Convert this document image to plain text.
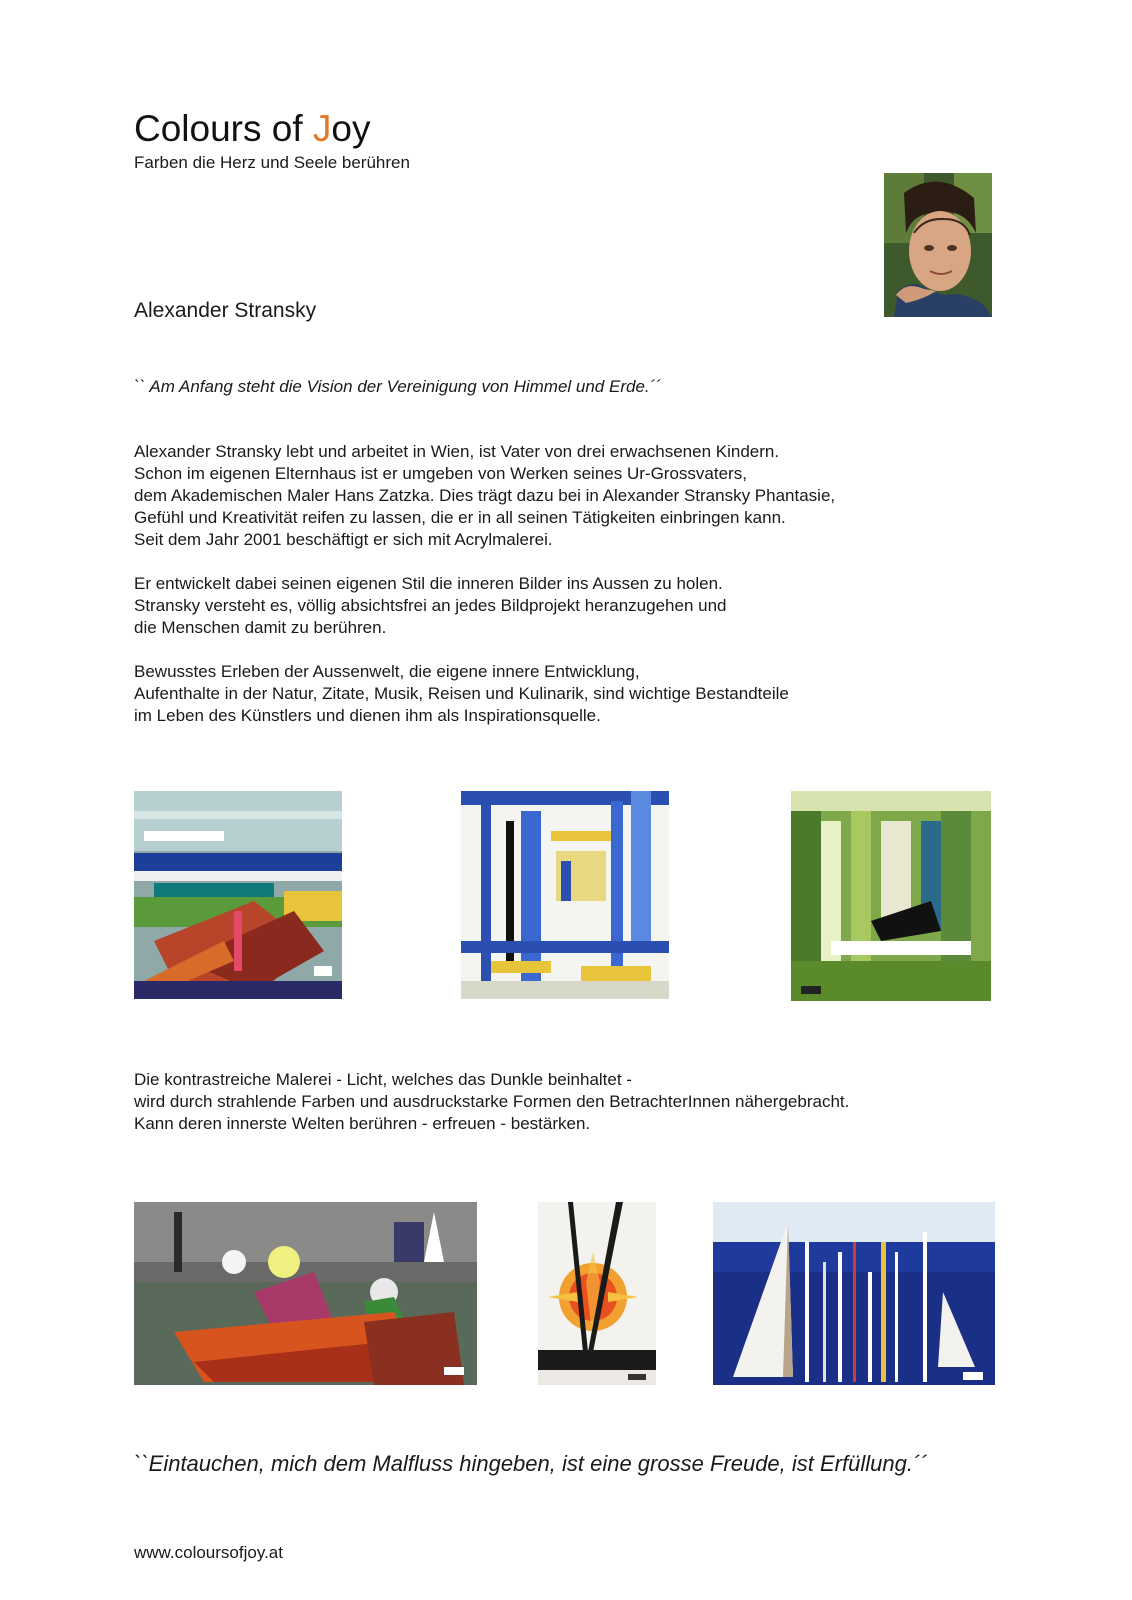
Colours of Joy
Farben die Herz und Seele berühren
Alexander Stransky
`` Am Anfang steht die Vision der Vereinigung von Himmel und Erde.´´
Alexander Stransky lebt und arbeitet in Wien, ist Vater von drei erwachsenen Kindern.
Schon im eigenen Elternhaus ist er umgeben von Werken seines Ur-Grossvaters,
dem Akademischen Maler Hans Zatzka. Dies trägt dazu bei in Alexander Stransky Phantasie,
Gefühl und Kreativität reifen zu lassen, die er in all seinen Tätigkeiten einbringen kann.
Seit dem Jahr 2001 beschäftigt er sich mit Acrylmalerei.
Er entwickelt dabei seinen eigenen Stil die inneren Bilder ins Aussen zu holen.
Stransky versteht es, völlig absichtsfrei an jedes Bildprojekt heranzugehen und
die Menschen damit zu berühren.
Bewusstes Erleben der Aussenwelt, die eigene innere Entwicklung,
Aufenthalte in der Natur, Zitate, Musik, Reisen und Kulinarik, sind wichtige Bestandteile
im Leben des Künstlers und dienen ihm als Inspirationsquelle.
Die kontrastreiche Malerei - Licht, welches das Dunkle beinhaltet -
wird durch strahlende Farben und ausdruckstarke Formen den BetrachterInnen nähergebracht.
Kann deren innerste Welten berühren - erfreuen - bestärken.
``Eintauchen, mich dem Malfluss hingeben, ist eine grosse Freude, ist Erfüllung.´´
www.coloursofjoy.at
